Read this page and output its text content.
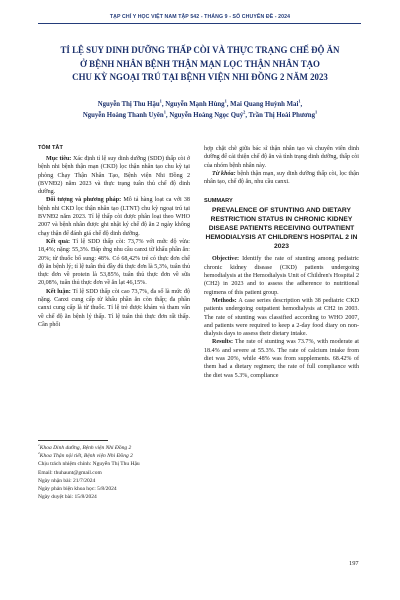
TẠP CHÍ Y HỌC VIỆT NAM TẬP 542 - THÁNG 9 - SỐ CHUYÊN ĐỀ - 2024
TỈ LỆ SUY DINH DƯỠNG THẤP CÒI VÀ THỰC TRẠNG CHẾ ĐỘ ĂN
Ở BỆNH NHÂN BỆNH THẬN MẠN LỌC THẬN NHÂN TẠO
CHU KỲ NGOẠI TRÚ TẠI BỆNH VIỆN NHI ĐỒNG 2 NĂM 2023
Nguyễn Thị Thu Hậu$^1$, Nguyễn Mạnh Hùng$^1$, Mai Quang Huỳnh Mai$^1$,
Nguyễn Hoàng Thanh Uyên$^1$, Nguyễn Hoàng Ngọc Quý$^2$, Trần Thị Hoài Phương$^1$
TÓM TẮT

Mục tiêu: Xác định tỉ lệ suy dinh dưỡng (SDD) thấp còi ở bệnh nhi bệnh thận mạn (CKD) lọc thận nhân tạo chu kỳ tại phòng Chạy Thận Nhân Tạo, Bệnh viện Nhi Đồng 2 (BVNĐ2) năm 2023 và thực trạng tuân thủ chế độ dinh dưỡng.

Đối tượng và phương pháp: Mô tả hàng loạt ca với 38 bệnh nhi CKD lọc thận nhân tạo (LTNT) chu kỳ ngoại trú tại BVNĐ2 năm 2023. Tỉ lệ thấp còi được phân loại theo WHO 2007 và bệnh nhân được ghi nhật ký chế độ ăn 2 ngày không chạy thận để đánh giá chế độ dinh dưỡng.

Kết quả: Tỉ lệ SDD thấp còi: 73,7% với mức độ vừa: 18,4%; nặng: 55,3%. Đáp ứng nhu cầu canxi từ khẩu phần ăn: 20%; từ thuốc bổ sung: 48%. Có 68,42% trẻ có thực đơn chế độ ăn bệnh lý; tỉ lệ tuân thủ đầy đủ thực đơn là 5,3%, tuân thủ thực đơn về protein là 53,85%, tuân thủ thực đơn về sữa 20,08%, tuân thủ thực đơn về ăn lạt 46,15%.

Kết luận: Tỉ lệ SDD thấp còi cao 73,7%, đa số là mức độ nặng. Canxi cung cấp từ khẩu phần ăn còn thấp; đa phần canxi cung cấp là từ thuốc. Tỉ lệ trẻ được khám và tham vấn về chế độ ăn bệnh lý thấp. Tỉ lệ tuân thủ thực đơn rất thấp. Cần phối

hợp chặt chẽ giữa bác sĩ thận nhân tạo và chuyên viên dinh dưỡng để cải thiện chế độ ăn và tình trạng dinh dưỡng, thấp còi của nhóm bệnh nhân này.

Từ khóa: bệnh thận mạn, suy dinh dưỡng thấp còi, lọc thận nhân tạo, chế độ ăn, nhu cầu canxi.

SUMMARY
PREVALENCE OF STUNTING AND DIETARY RESTRICTION STATUS IN CHRONIC KIDNEY DISEASE PATIENTS RECEIVING OUTPATIENT HEMODIALYSIS AT CHILDREN'S HOSPITAL 2 IN 2023

Objective: Identify the rate of stunting among pediatric chronic kidney disease (CKD) patients undergoing hemodialysis at the Hemodialysis Unit of Children's Hospital 2 (CH2) in 2023 and to assess the adherence to nutritional regimens of this patient group.

Methods: A case series description with 38 pediatric CKD patients undergoing outpatient hemodialysis at CH2 in 2003. The rate of stunting was classified according to WHO 2007, and patients were required to keep a 2-day food diary on non-dialysis days to assess their dietary intake.

Results: The rate of stunting was 73.7%, with moderate at 18.4% and severe at 55.3%. The rate of calcium intake from diet was 20%, while 48% was from supplements. 68.42% of them had a dietary regimen; the rate of full compliance with the diet was 5.3%, compliance

$^1$Khoa Dinh dưỡng, Bệnh viện Nhi Đồng 2
$^2$Khoa Thận nội tiết, Bệnh viện Nhi Đồng 2
Chịu trách nhiệm chính: Nguyễn Thị Thu Hậu
Email: thuhaunt@gmail.com
Ngày nhận bài: 21/7/2024
Ngày phản biện khoa học: 5/8/2024
Ngày duyệt bài: 15/8/2024
197
